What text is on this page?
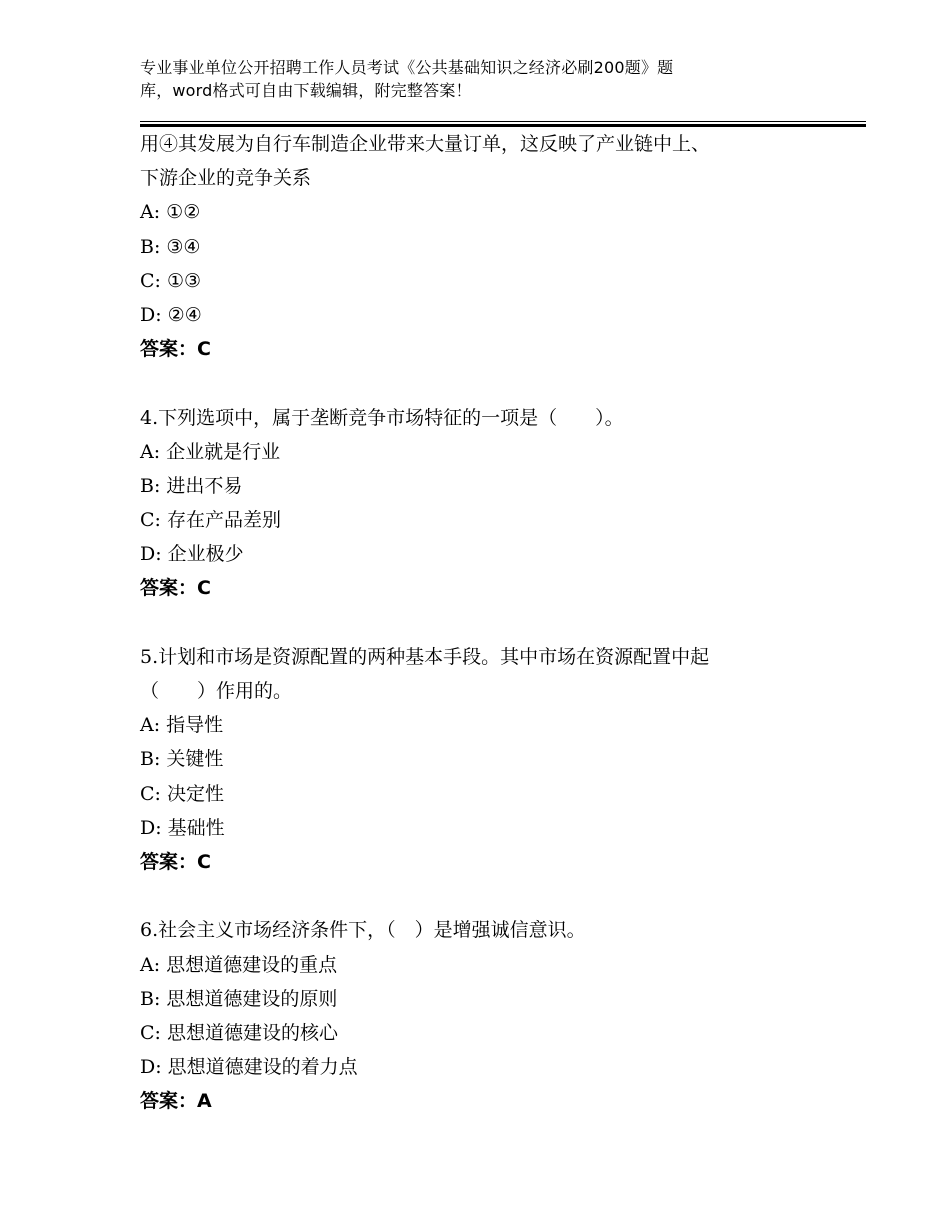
专业事业单位公开招聘工作人员考试《公共基础知识之经济必刷200题》题
库，word格式可自由下载编辑，附完整答案！
用④其发展为自行车制造企业带来大量订单，这反映了产业链中上、
下游企业的竞争关系
A: ①②
B: ③④
C: ①③
D: ②④
答案：C
4.下列选项中，属于垄断竞争市场特征的一项是（　　）。
A: 企业就是行业
B: 进出不易
C: 存在产品差别
D: 企业极少
答案：C
5.计划和市场是资源配置的两种基本手段。其中市场在资源配置中起
（　　）作用的。
A: 指导性
B: 关键性
C: 决定性
D: 基础性
答案：C
6.社会主义市场经济条件下，（　）是增强诚信意识。
A: 思想道德建设的重点
B: 思想道德建设的原则
C: 思想道德建设的核心
D: 思想道德建设的着力点
答案：A
